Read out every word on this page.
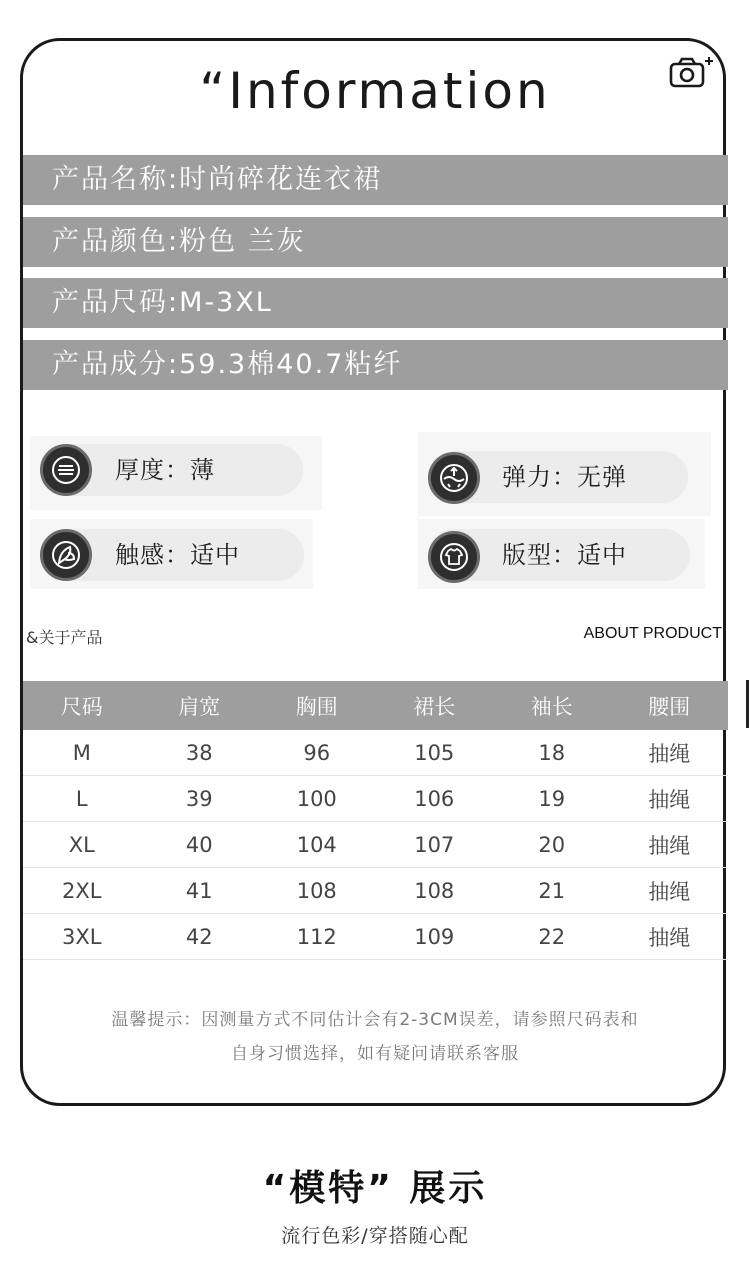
“Information
产品名称:时尚碎花连衣裙
产品颜色:粉色 兰灰
产品尺码:M-3XL
产品成分:59.3棉40.7粘纤
厚度：薄	弹力：无弹
触感：适中	版型：适中
&关于产品	ABOUT PRODUCT
尺码	肩宽	胸围	裙长	袖长	腰围
M	38	96	105	18	抽绳
L	39	100	106	19	抽绳
XL	40	104	107	20	抽绳
2XL	41	108	108	21	抽绳
3XL	42	112	109	22	抽绳
温馨提示：因测量方式不同估计会有2-3CM误差，请参照尺码表和
自身习惯选择，如有疑问请联系客服
“模特” 展示
流行色彩/穿搭随心配
